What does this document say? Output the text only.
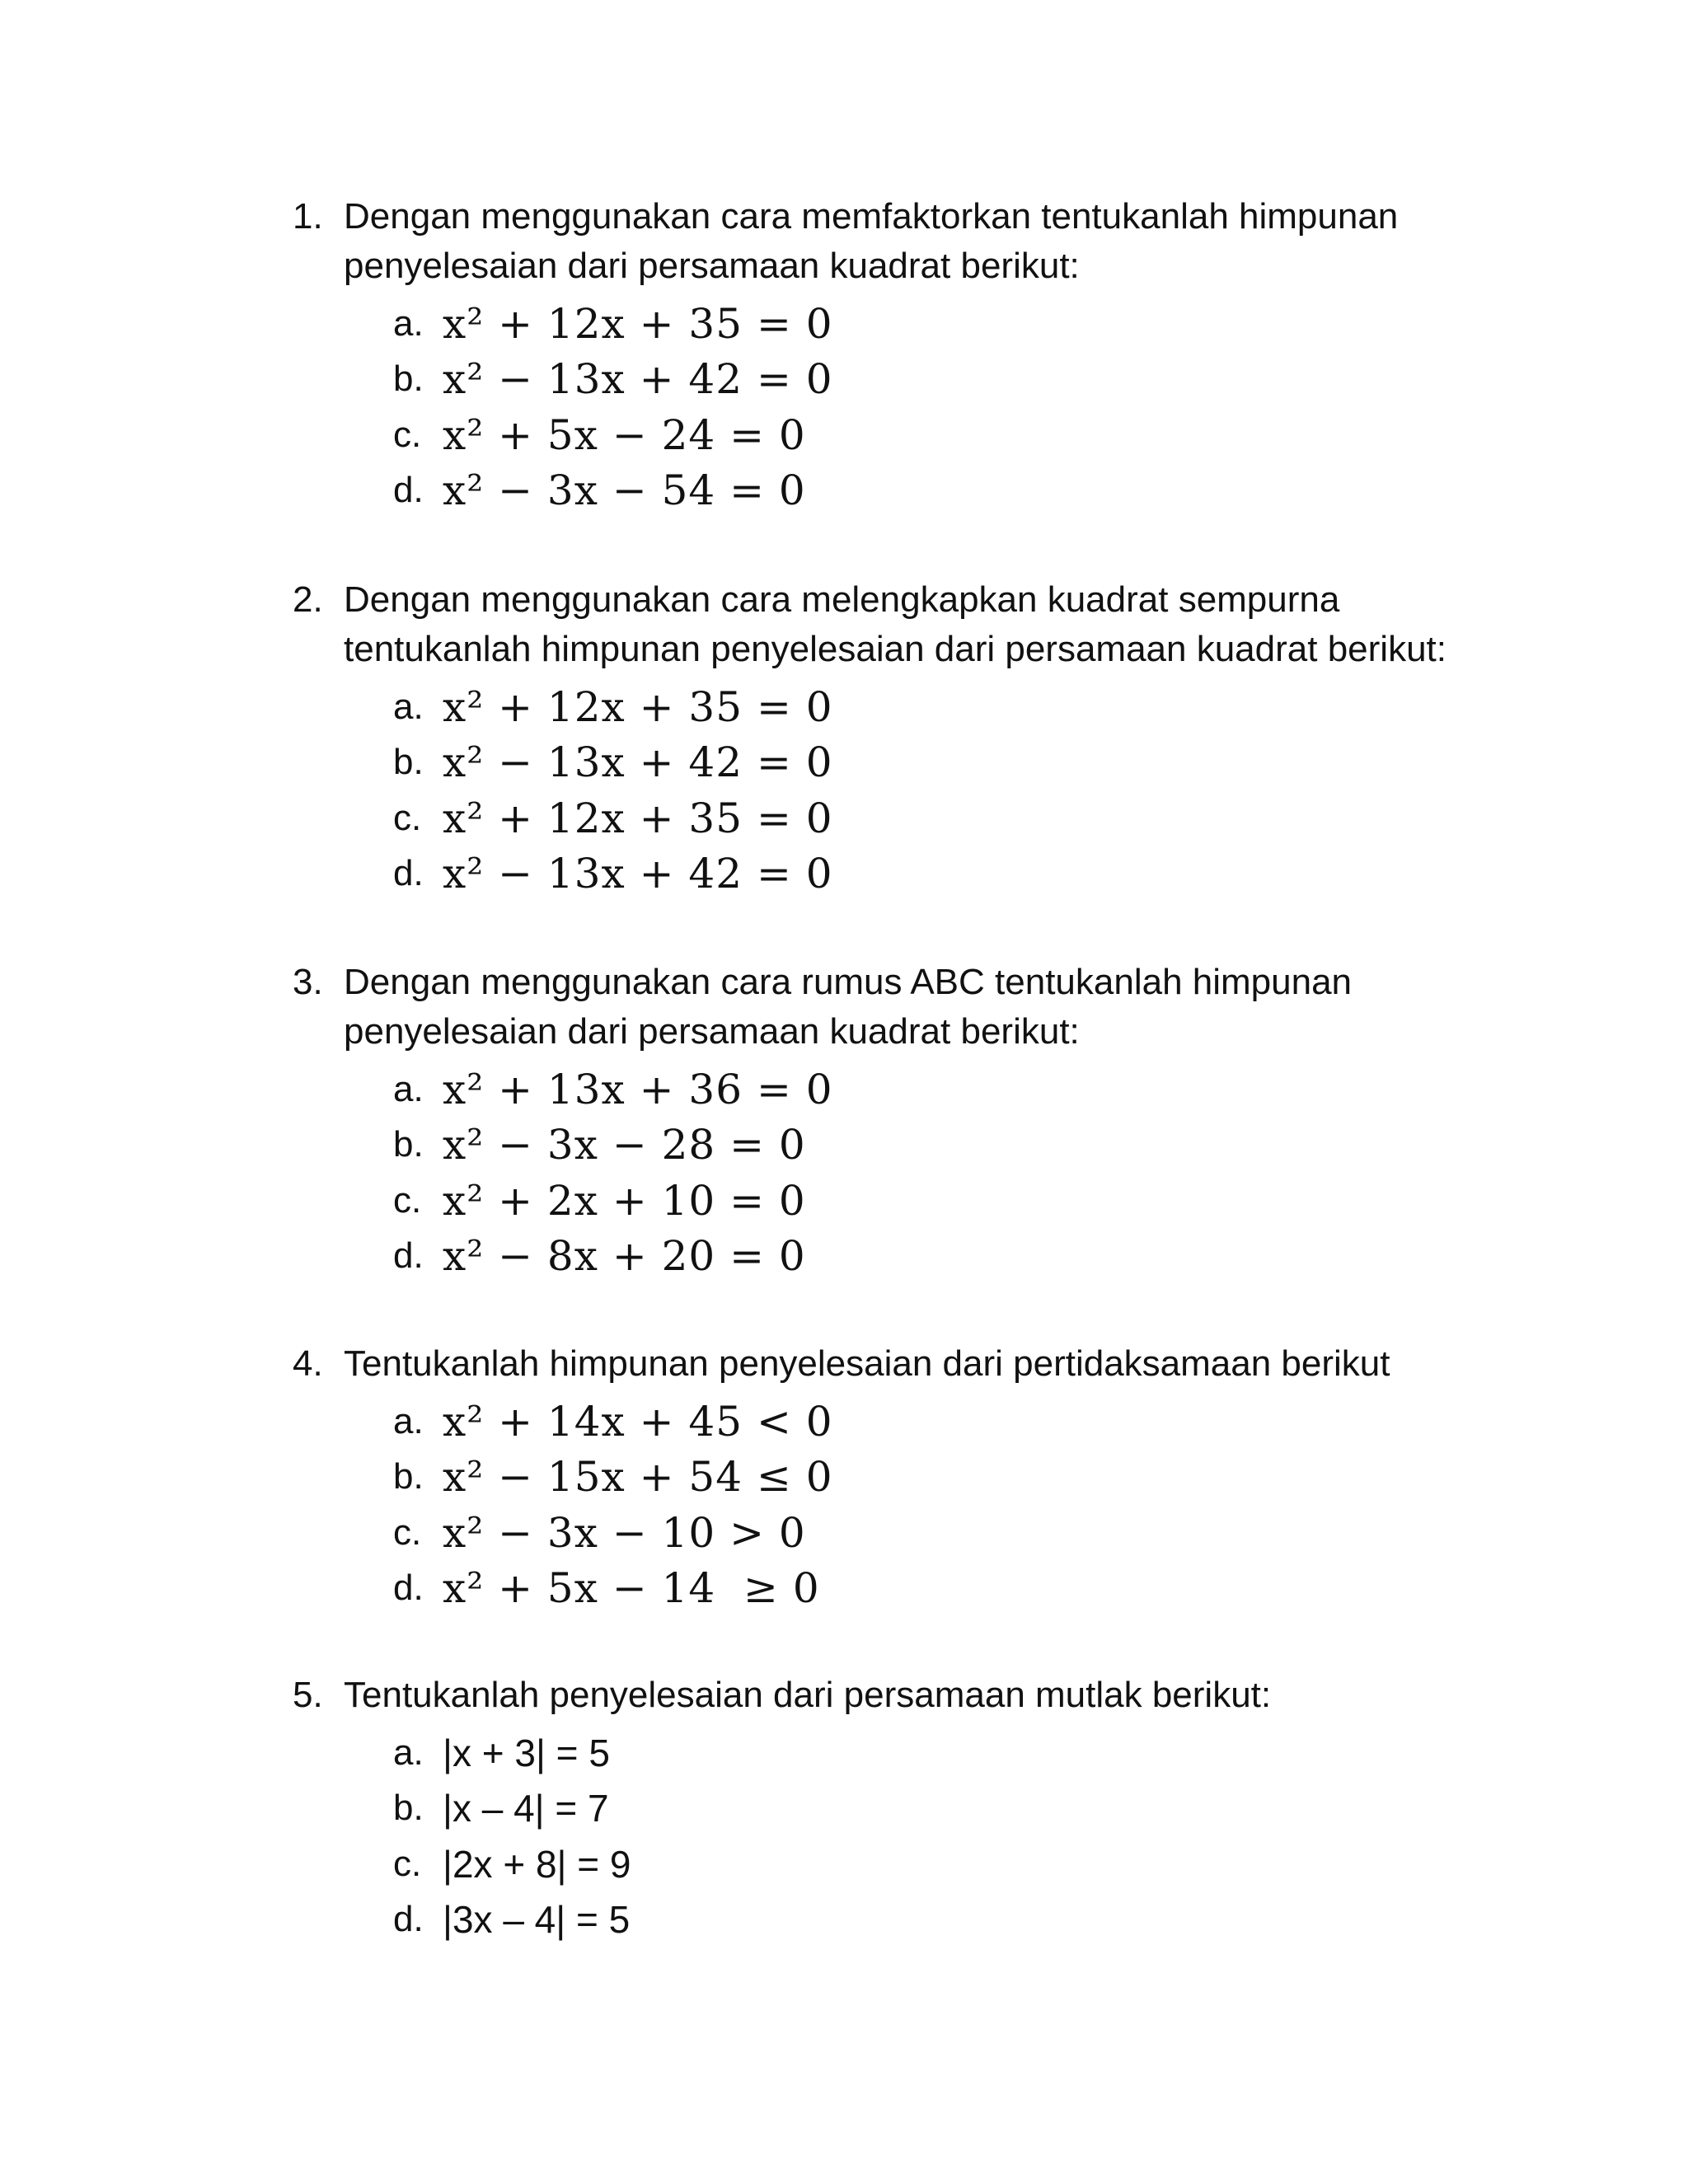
1. Dengan menggunakan cara memfaktorkan tentukanlah himpunan
penyelesaian dari persamaan kuadrat berikut:
a. x² + 12x + 35 = 0
b. x² − 13x + 42 = 0
c. x² + 5x − 24 = 0
d. x² − 3x − 54 = 0
2. Dengan menggunakan cara melengkapkan kuadrat sempurna
tentukanlah himpunan penyelesaian dari persamaan kuadrat berikut:
a. x² + 12x + 35 = 0
b. x² − 13x + 42 = 0
c. x² + 12x + 35 = 0
d. x² − 13x + 42 = 0
3. Dengan menggunakan cara rumus ABC tentukanlah himpunan
penyelesaian dari persamaan kuadrat berikut:
a. x² + 13x + 36 = 0
b. x² − 3x − 28 = 0
c. x² + 2x + 10 = 0
d. x² − 8x + 20 = 0
4. Tentukanlah himpunan penyelesaian dari pertidaksamaan berikut
a. x² + 14x + 45 < 0
b. x² − 15x + 54 ≤ 0
c. x² − 3x − 10 > 0
d. x² + 5x − 14  ≥ 0
5. Tentukanlah penyelesaian dari persamaan mutlak berikut:
a. |x + 3| = 5
b. |x – 4| = 7
c. |2x + 8| = 9
d. |3x – 4| = 5
